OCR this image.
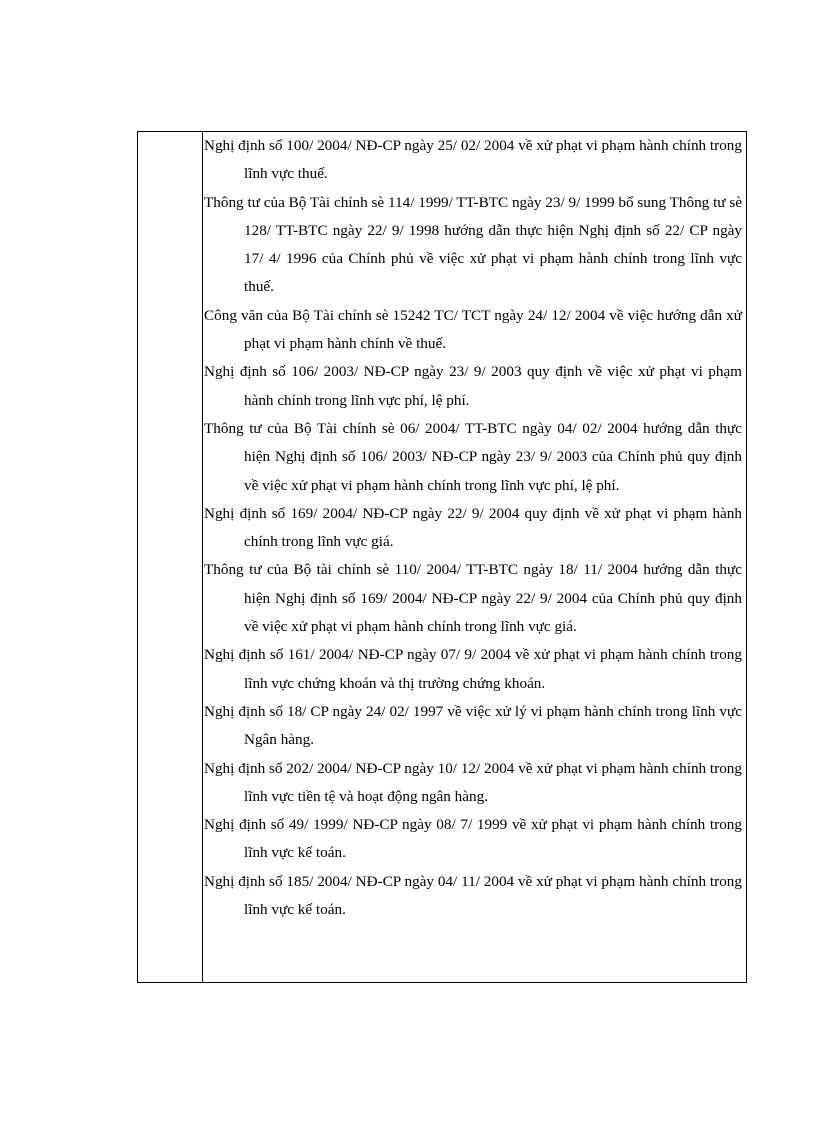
Nghị định số 100/ 2004/ NĐ-CP ngày 25/ 02/ 2004 về xử phạt vi phạm hành chính trong lĩnh vực thuế.

Thông tư của Bộ Tài chính sè 114/ 1999/ TT-BTC ngày 23/ 9/ 1999 bổ sung Thông tư sè 128/ TT-BTC ngày 22/ 9/ 1998 hướng dẫn thực hiện Nghị định số 22/ CP ngày 17/ 4/ 1996 của Chính phủ về việc xử phạt vi phạm hành chính trong lĩnh vực thuế.

Công văn của Bộ Tài chính sè 15242 TC/ TCT ngày 24/ 12/ 2004 về việc hướng dẫn xử phạt vi phạm hành chính về thuế.

Nghị định số 106/ 2003/ NĐ-CP ngày 23/ 9/ 2003 quy định về việc xử phạt vi phạm hành chính trong lĩnh vực phí, lệ phí.

Thông tư của Bộ Tài chính sè 06/ 2004/ TT-BTC ngày 04/ 02/ 2004 hướng dẫn thực hiện Nghị định số 106/ 2003/ NĐ-CP ngày 23/ 9/ 2003 của Chính phủ quy định về việc xử phạt vi phạm hành chính trong lĩnh vực phí, lệ phí.

Nghị định số 169/ 2004/ NĐ-CP ngày 22/ 9/ 2004 quy định về xử phạt vi phạm hành chính trong lĩnh vực giá.

Thông tư của Bộ tài chính sè 110/ 2004/ TT-BTC ngày 18/ 11/ 2004 hướng dẫn thực hiện Nghị định số 169/ 2004/ NĐ-CP ngày 22/ 9/ 2004 của Chính phủ quy định về việc xử phạt vi phạm hành chính trong lĩnh vực giá.

Nghị định số 161/ 2004/ NĐ-CP ngày 07/ 9/ 2004 về xử phạt vi phạm hành chính trong lĩnh vực chứng khoán và thị trường chứng khoán.

Nghị định số 18/ CP ngày 24/ 02/ 1997 về việc xử lý vi phạm hành chính trong lĩnh vực Ngân hàng.

Nghị định số 202/ 2004/ NĐ-CP ngày 10/ 12/ 2004 về xử phạt vi phạm hành chính trong lĩnh vực tiền tệ và hoạt động ngân hàng.

Nghị định số 49/ 1999/ NĐ-CP ngày 08/ 7/ 1999 về xử phạt vi phạm hành chính trong lĩnh vực kế toán.

Nghị định số 185/ 2004/ NĐ-CP ngày 04/ 11/ 2004 về xử phạt vi phạm hành chính trong lĩnh vực kế toán.
